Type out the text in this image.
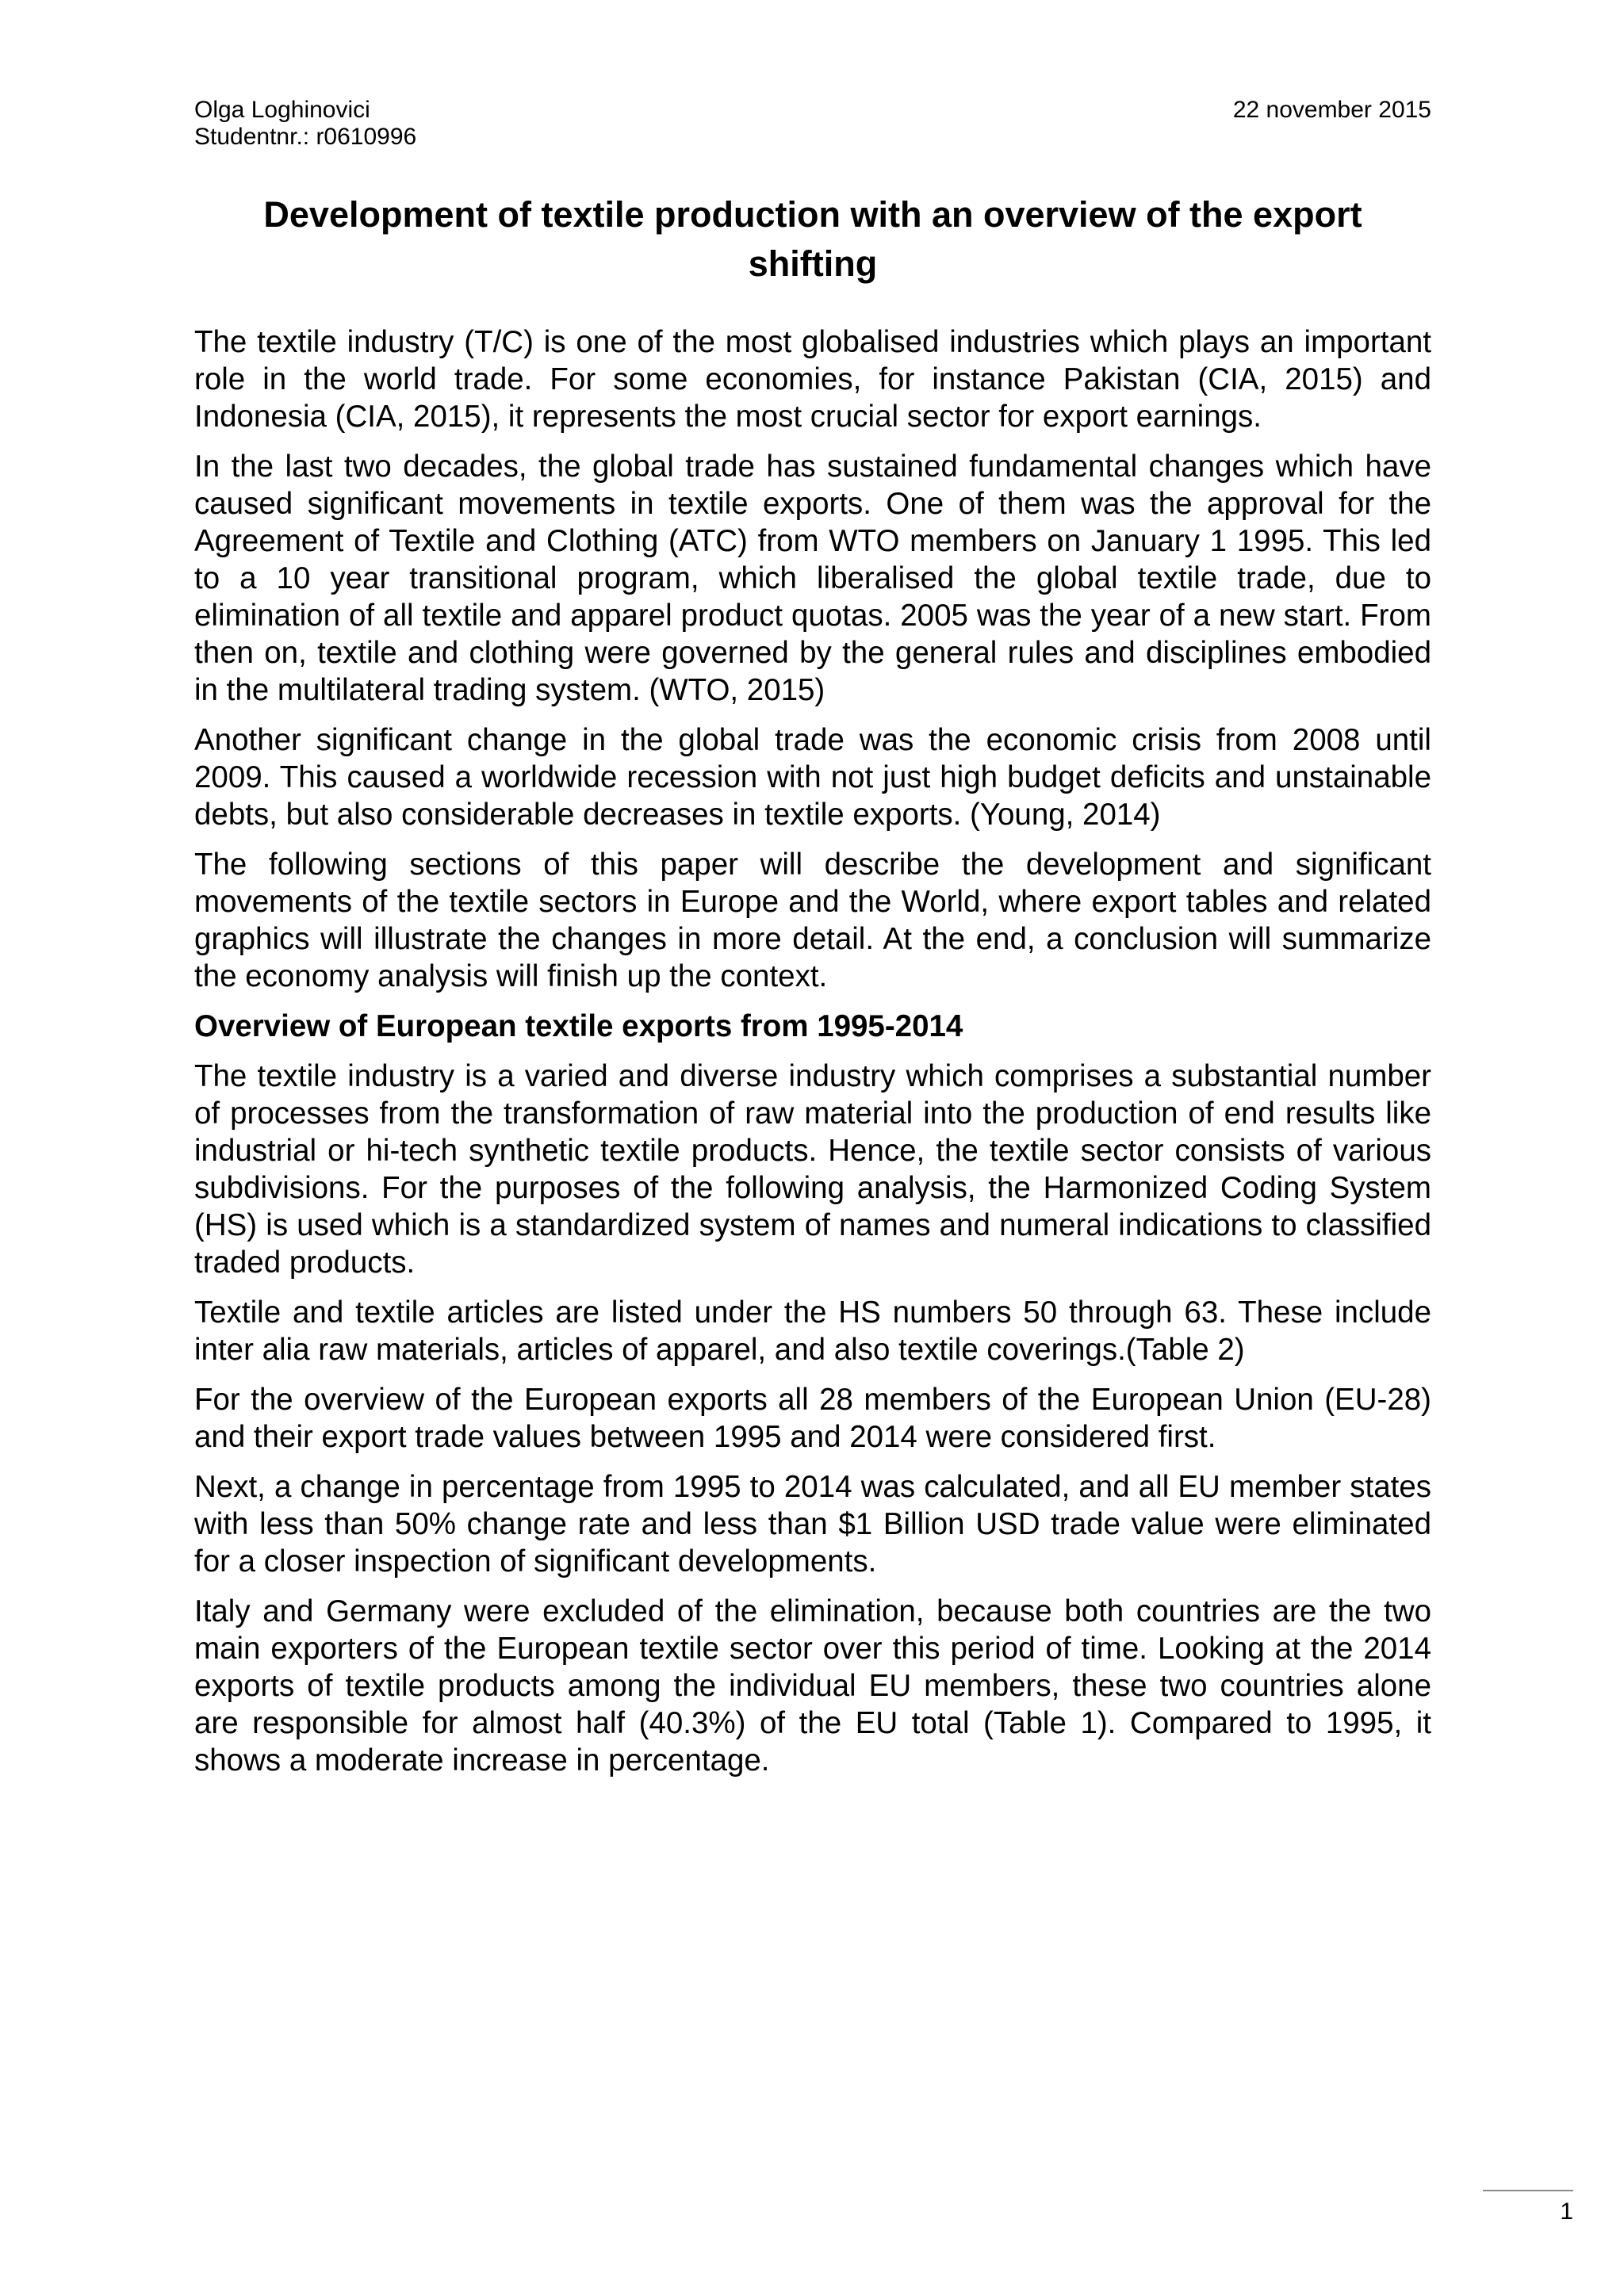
Olga Loghinovici
Studentnr.: r0610996
22 november 2015
Development of textile production with an overview of the export
shifting

The textile industry (T/C) is one of the most globalised industries which plays an important role in the world trade. For some economies, for instance Pakistan (CIA, 2015) and Indonesia (CIA, 2015), it represents the most crucial sector for export earnings.

In the last two decades, the global trade has sustained fundamental changes which have caused significant movements in textile exports. One of them was the approval for the Agreement of Textile and Clothing (ATC) from WTO members on January 1 1995. This led to a 10 year transitional program, which liberalised the global textile trade, due to elimination of all textile and apparel product quotas. 2005 was the year of a new start. From then on, textile and clothing were governed by the general rules and disciplines embodied in the multilateral trading system. (WTO, 2015)

Another significant change in the global trade was the economic crisis from 2008 until 2009. This caused a worldwide recession with not just high budget deficits and unstainable debts, but also considerable decreases in textile exports. (Young, 2014)

The following sections of this paper will describe the development and significant movements of the textile sectors in Europe and the World, where export tables and related graphics will illustrate the changes in more detail. At the end, a conclusion will summarize the economy analysis will finish up the context.

Overview of European textile exports from 1995-2014

The textile industry is a varied and diverse industry which comprises a substantial number of processes from the transformation of raw material into the production of end results like industrial or hi-tech synthetic textile products. Hence, the textile sector consists of various subdivisions. For the purposes of the following analysis, the Harmonized Coding System (HS) is used which is a standardized system of names and numeral indications to classified traded products.

Textile and textile articles are listed under the HS numbers 50 through 63. These include inter alia raw materials, articles of apparel, and also textile coverings.(Table 2)

For the overview of the European exports all 28 members of the European Union (EU-28) and their export trade values between 1995 and 2014 were considered first.

Next, a change in percentage from 1995 to 2014 was calculated, and all EU member states with less than 50% change rate and less than $1 Billion USD trade value were eliminated for a closer inspection of significant developments.

Italy and Germany were excluded of the elimination, because both countries are the two main exporters of the European textile sector over this period of time. Looking at the 2014 exports of textile products among the individual EU members, these two countries alone are responsible for almost half (40.3%) of the EU total (Table 1). Compared to 1995, it shows a moderate increase in percentage.

1
